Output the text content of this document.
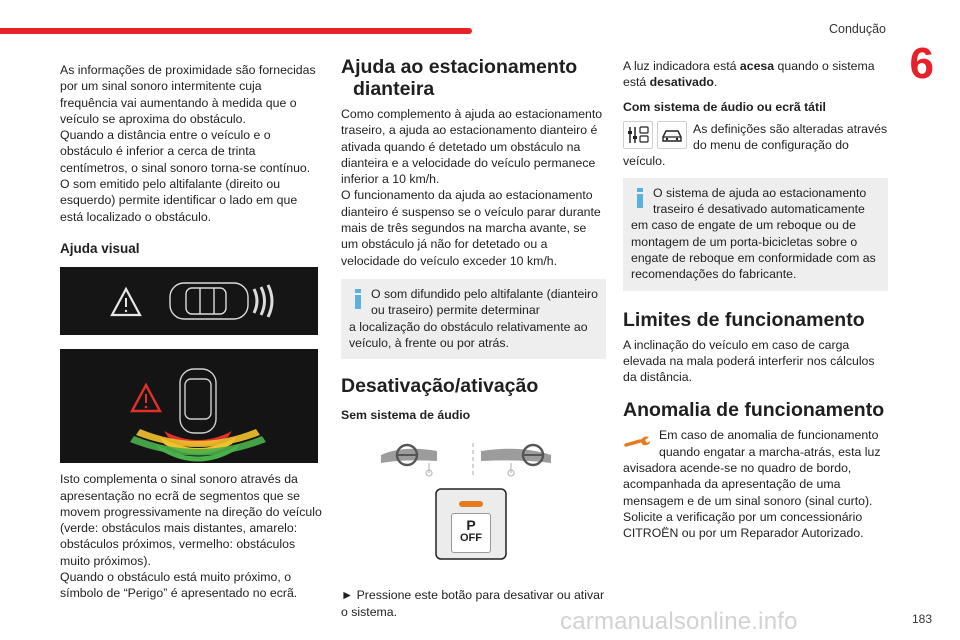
Condução
6
183
carmanualsonline.info

As informações de proximidade são fornecidas por um sinal sonoro intermitente cuja frequência vai aumentando à medida que o veículo se aproxima do obstáculo.

Quando a distância entre o veículo e o obstáculo é inferior a cerca de trinta centímetros, o sinal sonoro torna-se contínuo.

O som emitido pelo altifalante (direito ou esquerdo) permite identificar o lado em que está localizado o obstáculo.

Ajuda visual

Isto complementa o sinal sonoro através da apresentação no ecrã de segmentos que se movem progressivamente na direção do veículo (verde: obstáculos mais distantes, amarelo: obstáculos próximos, vermelho: obstáculos muito próximos).

Quando o obstáculo está muito próximo, o símbolo de “Perigo” é apresentado no ecrã.

Ajuda ao estacionamento
dianteira

Como complemento à ajuda ao estacionamento traseiro, a ajuda ao estacionamento dianteiro é ativada quando é detetado um obstáculo na dianteira e a velocidade do veículo permanece inferior a 10 km/h.

O funcionamento da ajuda ao estacionamento dianteiro é suspenso se o veículo parar durante mais de três segundos na marcha avante, se um obstáculo já não for detetado ou a velocidade do veículo exceder 10 km/h.

O som difundido pelo altifalante (dianteiro ou traseiro) permite determinar
a localização do obstáculo relativamente ao veículo, à frente ou por atrás.
Desativação/ativação
Sem sistema de áudio
P
OFF

► Pressione este botão para desativar ou ativar o sistema.

A luz indicadora está acesa quando o sistema está desativado.

Com sistema de áudio ou ecrã tátil
As definições são alteradas através do menu de configuração do veículo.
O sistema de ajuda ao estacionamento traseiro é desativado automaticamente
em caso de engate de um reboque ou de montagem de um porta-bicicletas sobre o engate de reboque em conformidade com as recomendações do fabricante.
Limites de funcionamento

A inclinação do veículo em caso de carga elevada na mala poderá interferir nos cálculos da distância.

Anomalia de funcionamento
Em caso de anomalia de funcionamento quando engatar a marcha-atrás, esta luz avisadora acende-se no quadro de bordo, acompanhada da apresentação de uma mensagem e de um sinal sonoro (sinal curto). Solicite a verificação por um concessionário CITROËN ou por um Reparador Autorizado.
